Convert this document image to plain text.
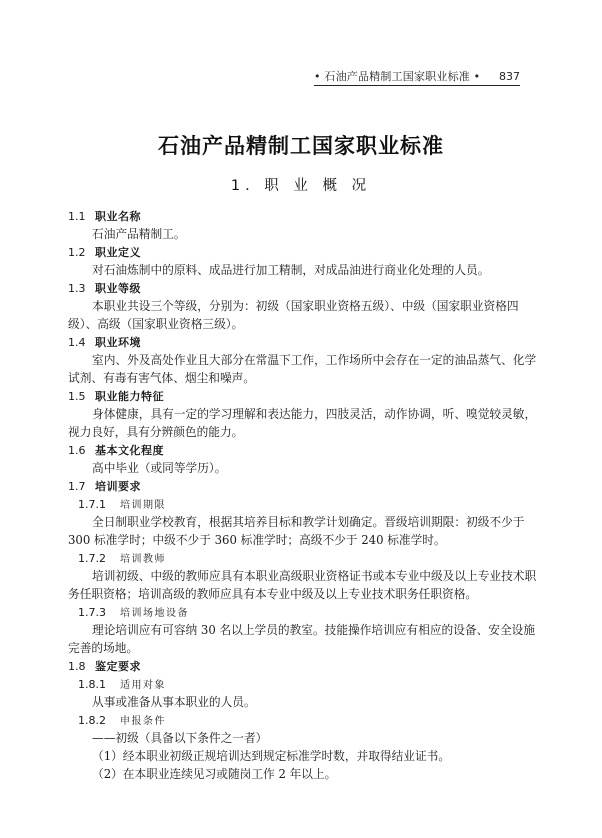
• 石油产品精制工国家职业标准 • 837
石油产品精制工国家职业标准
1. 职 业 概 况
1.1 职业名称
石油产品精制工。
1.2 职业定义
对石油炼制中的原料、成品进行加工精制，对成品油进行商业化处理的人员。
1.3 职业等级
本职业共设三个等级，分别为：初级（国家职业资格五级）、中级（国家职业资格四
级）、高级（国家职业资格三级）。
1.4 职业环境
室内、外及高处作业且大部分在常温下工作，工作场所中会存在一定的油品蒸气、化学
试剂、有毒有害气体、烟尘和噪声。
1.5 职业能力特征
身体健康，具有一定的学习理解和表达能力，四肢灵活，动作协调，听、嗅觉较灵敏，
视力良好，具有分辨颜色的能力。
1.6 基本文化程度
高中毕业（或同等学历）。
1.7 培训要求
1.7.1 培训期限
全日制职业学校教育，根据其培养目标和教学计划确定。晋级培训期限：初级不少于
300 标准学时；中级不少于 360 标准学时；高级不少于 240 标准学时。
1.7.2 培训教师
培训初级、中级的教师应具有本职业高级职业资格证书或本专业中级及以上专业技术职
务任职资格；培训高级的教师应具有本专业中级及以上专业技术职务任职资格。
1.7.3 培训场地设备
理论培训应有可容纳 30 名以上学员的教室。技能操作培训应有相应的设备、安全设施
完善的场地。
1.8 鉴定要求
1.8.1 适用对象
从事或准备从事本职业的人员。
1.8.2 申报条件
——初级（具备以下条件之一者）
（1）经本职业初级正规培训达到规定标准学时数，并取得结业证书。
（2）在本职业连续见习或随岗工作 2 年以上。
